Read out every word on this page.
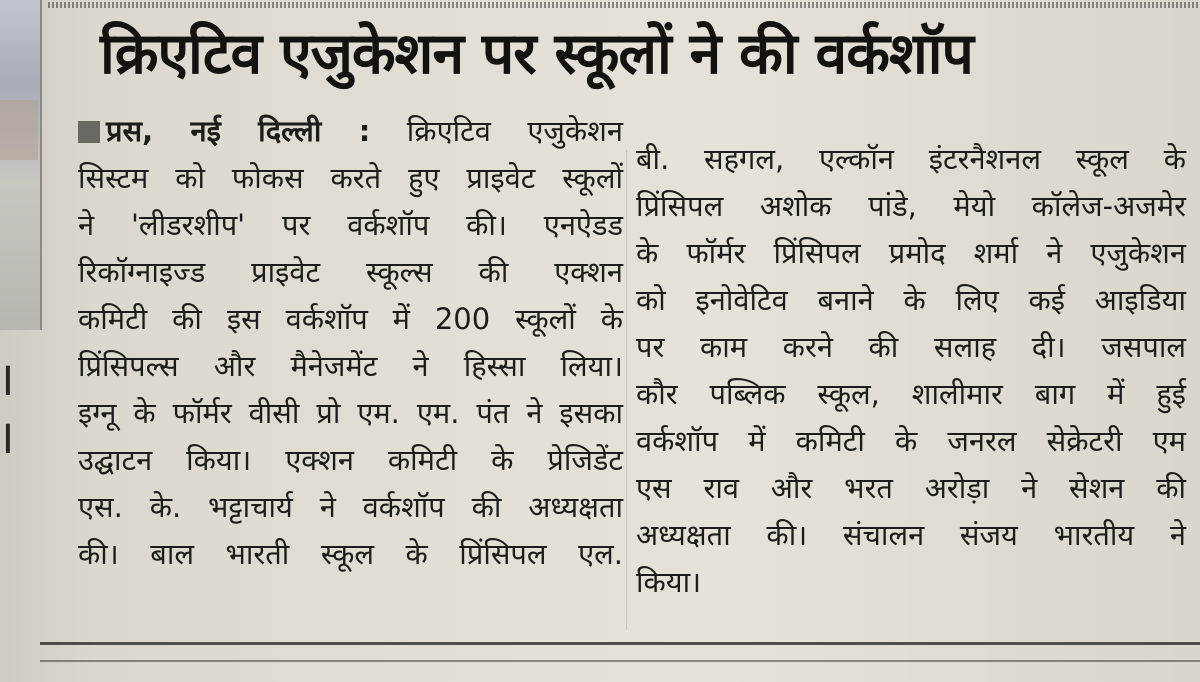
I
I
क्रिएटिव एजुकेशन पर स्कूलों ने की वर्कशॉप
प्रस, नई दिल्ली : क्रिएटिव एजुकेशन
सिस्टम को फोकस करते हुए प्राइवेट स्कूलों
ने 'लीडरशीप' पर वर्कशॉप की। एनऐडड
रिकॉग्नाइज्ड प्राइवेट स्कूल्स की एक्शन
कमिटी की इस वर्कशॉप में 200 स्कूलों के
प्रिंसिपल्स और मैनेजमेंट ने हिस्सा लिया।
इग्नू के फॉर्मर वीसी प्रो एम. एम. पंत ने इसका
उद्घाटन किया। एक्शन कमिटी के प्रेजिडेंट
एस. के. भट्टाचार्य ने वर्कशॉप की अध्यक्षता
की। बाल भारती स्कूल के प्रिंसिपल एल.
बी. सहगल, एल्कॉन इंटरनैशनल स्कूल के
प्रिंसिपल अशोक पांडे, मेयो कॉलेज-अजमेर
के फॉर्मर प्रिंसिपल प्रमोद शर्मा ने एजुकेशन
को इनोवेटिव बनाने के लिए कई आइडिया
पर काम करने की सलाह दी। जसपाल
कौर पब्लिक स्कूल, शालीमार बाग में हुई
वर्कशॉप में कमिटी के जनरल सेक्रेटरी एम
एस राव और भरत अरोड़ा ने सेशन की
अध्यक्षता की। संचालन संजय भारतीय ने
किया।
